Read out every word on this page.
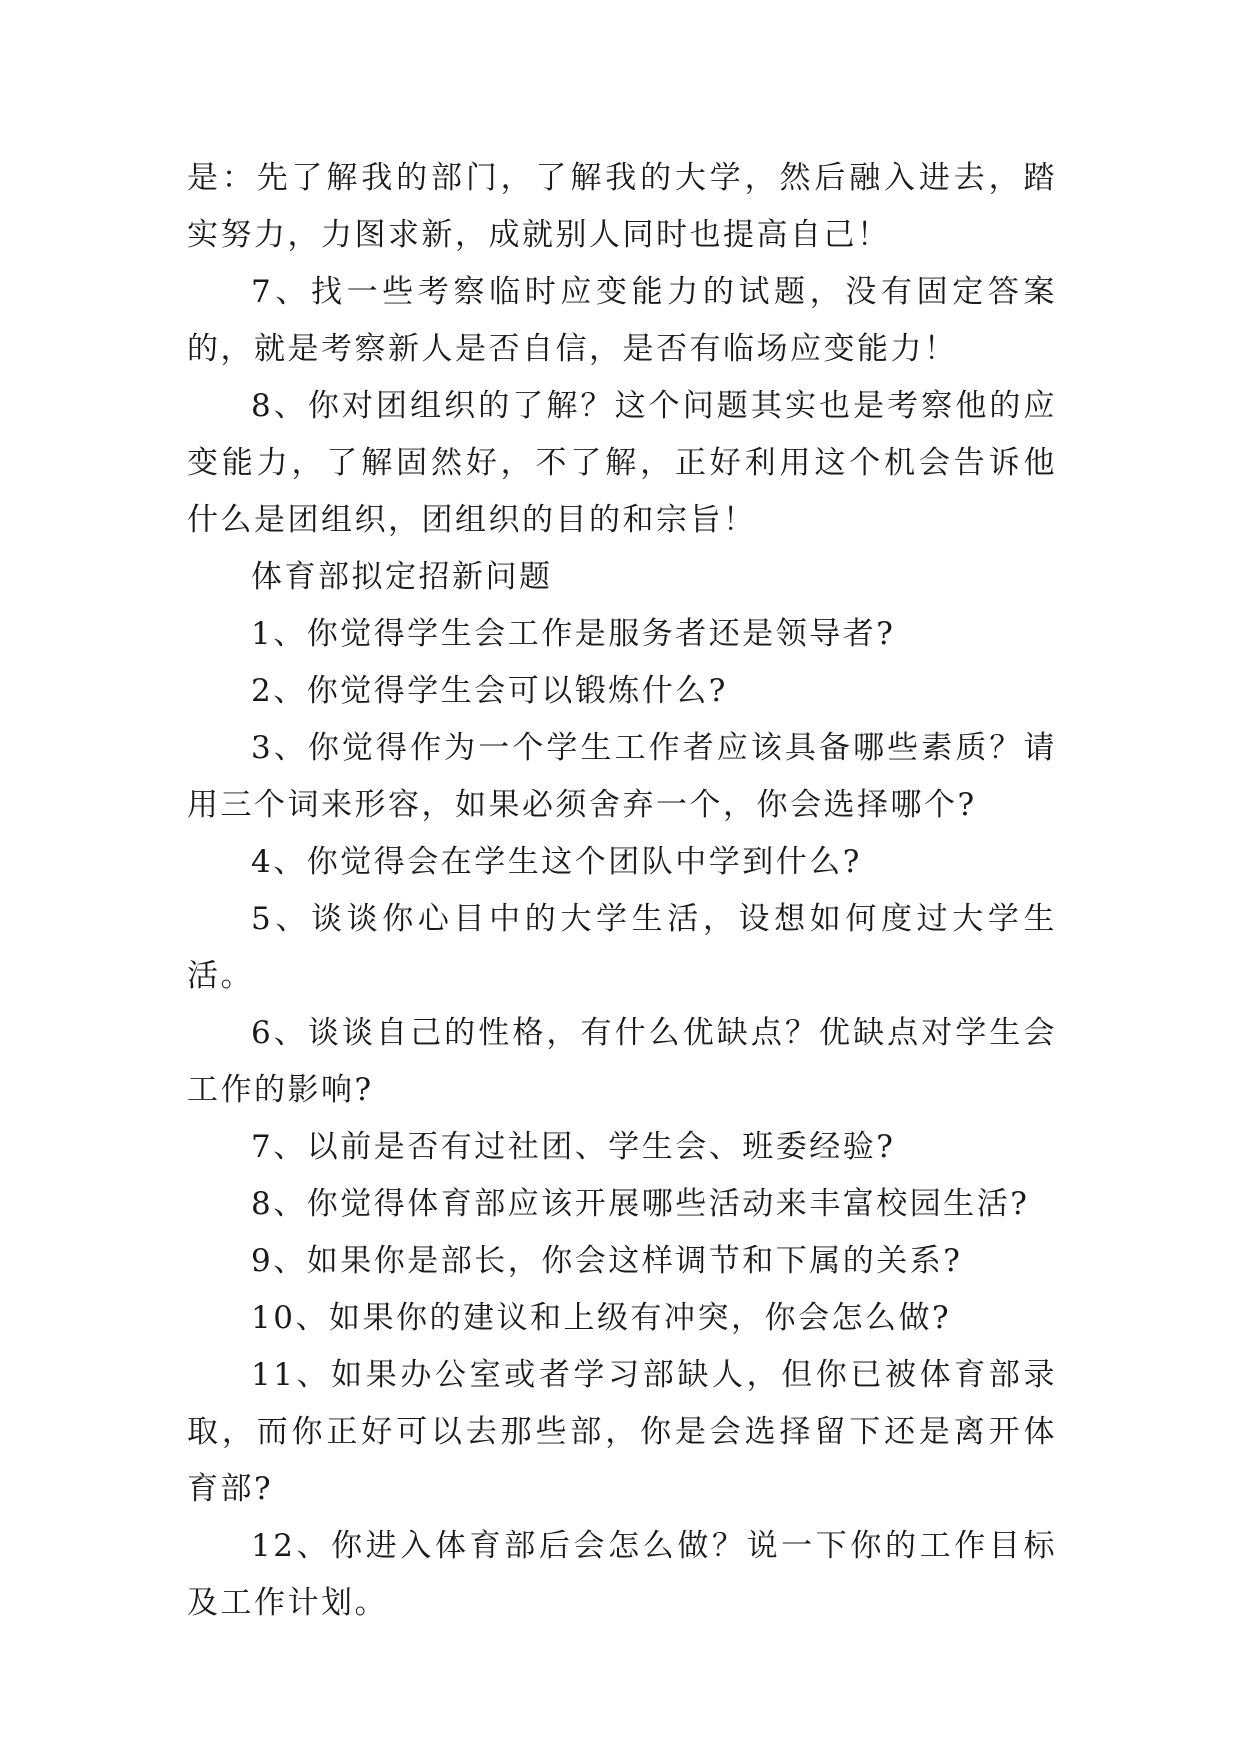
是：先了解我的部门，了解我的大学，然后融入进去，踏实努力，力图求新，成就别人同时也提高自己！

7、找一些考察临时应变能力的试题，没有固定答案的，就是考察新人是否自信，是否有临场应变能力！

8、你对团组织的了解？这个问题其实也是考察他的应变能力，了解固然好，不了解，正好利用这个机会告诉他什么是团组织，团组织的目的和宗旨！

体育部拟定招新问题

1、你觉得学生会工作是服务者还是领导者?

2、你觉得学生会可以锻炼什么?

3、你觉得作为一个学生工作者应该具备哪些素质？请用三个词来形容，如果必须舍弃一个，你会选择哪个?

4、你觉得会在学生这个团队中学到什么?

5、谈谈你心目中的大学生活，设想如何度过大学生活。

6、谈谈自己的性格，有什么优缺点？优缺点对学生会工作的影响?

7、以前是否有过社团、学生会、班委经验?

8、你觉得体育部应该开展哪些活动来丰富校园生活?

9、如果你是部长，你会这样调节和下属的关系?

10、如果你的建议和上级有冲突，你会怎么做?

11、如果办公室或者学习部缺人，但你已被体育部录取，而你正好可以去那些部，你是会选择留下还是离开体育部?

12、你进入体育部后会怎么做？说一下你的工作目标及工作计划。
